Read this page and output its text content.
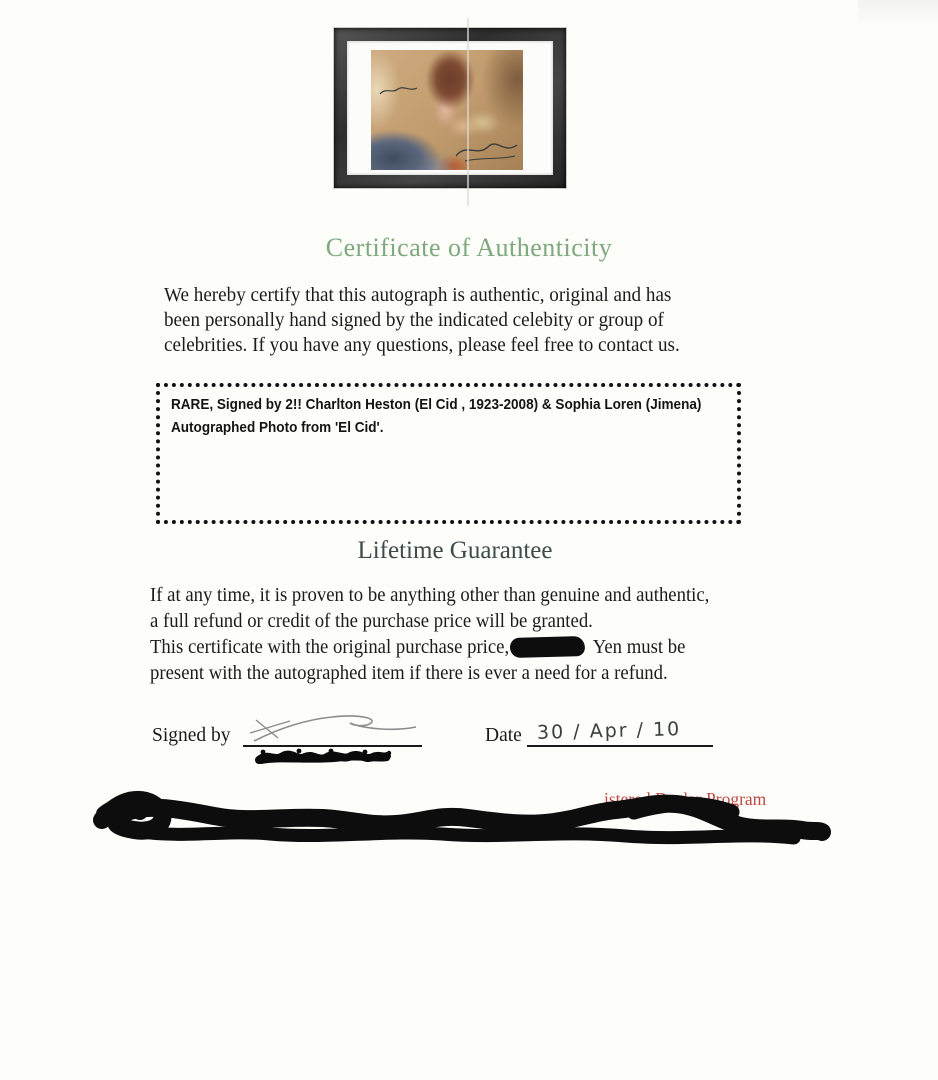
Certificate of Authenticity
We hereby certify that this autograph is authentic, original and has
been personally hand signed by the indicated celebity or group of
celebrities. If you have any questions, please feel free to contact us.
RARE, Signed by 2!! Charlton Heston (El Cid , 1923-2008) & Sophia Loren (Jimena)
Autographed Photo from 'El Cid'.
Lifetime Guarantee
If at any time, it is proven to be anything other than genuine and authentic,
a full refund or credit of the purchase price will be granted.
This certificate with the original purchase price,	Yen must be
present with the autographed item if there is ever a need for a refund.
Signed by	Date 30 / Apr / 10
istered Dealer Program
